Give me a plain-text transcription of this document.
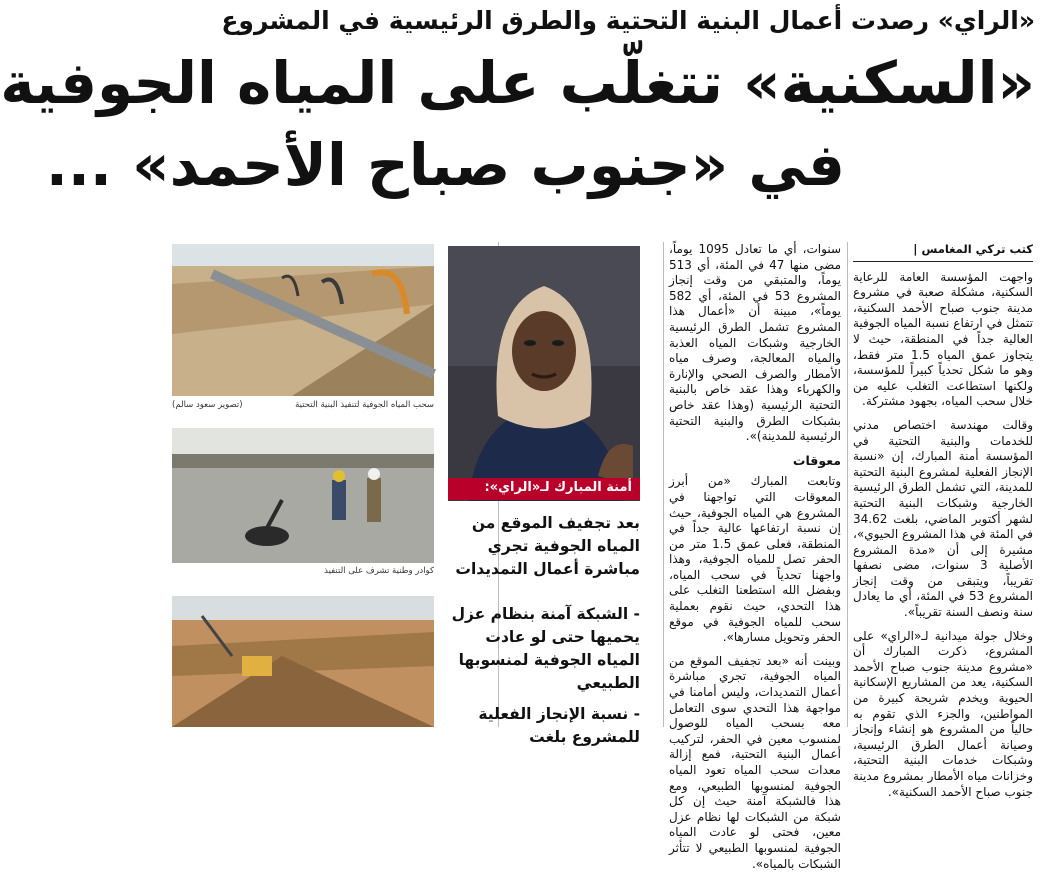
«الراي» رصدت أعمال البنية التحتية والطرق الرئيسية في المشروع
«السكنية» تتغلّب على المياه الجوفية
في «جنوب صباح الأحمد» ...
كتب تركي المغامس |

واجهت المؤسسة العامة للرعاية السكنية، مشكلة صعبة في مشروع مدينة جنوب صباح الأحمد السكنية، تتمثل في ارتفاع نسبة المياه الجوفية العالية جداً في المنطقة، حيث لا يتجاوز عمق المياه 1.5 متر فقط، وهو ما شكل تحدياً كبيراً للمؤسسة، ولكنها استطاعت التغلب عليه من خلال سحب المياه، بجهود مشتركة.

وقالت مهندسة اختصاص مدني للخدمات والبنية التحتية في المؤسسة أمنة المبارك، إن «نسبة الإنجاز الفعلية لمشروع البنية التحتية للمدينة، التي تشمل الطرق الرئيسية الخارجية وشبكات البنية التحتية لشهر أكتوبر الماضي، بلغت 34.62 في المئة في هذا المشروع الحيوي»، مشيرة إلى أن «مدة المشروع الأصلية 3 سنوات، مضى نصفها تقريباً، ويتبقى من وقت إنجاز المشروع 53 في المئة، أي ما يعادل سنة ونصف السنة تقريباً».

وخلال جولة ميدانية لـ«الراي» على المشروع، ذكرت المبارك أن «مشروع مدينة جنوب صباح الأحمد السكنية، يعد من المشاريع الإسكانية الحيوية ويخدم شريحة كبيرة من المواطنين، والجزء الذي تقوم به حالياً من المشروع هو إنشاء وإنجاز وصيانة أعمال الطرق الرئيسية، وشبكات خدمات البنية التحتية، وخزانات مياه الأمطار بمشروع مدينة جنوب صباح الأحمد السكنية».

سنوات، أي ما تعادل 1095 يوماً، مضى منها 47 في المئة، أي 513 يوماً، والمتبقي من وقت إنجاز المشروع 53 في المئة، أي 582 يوماً»، مبينة أن «أعمال هذا المشروع تشمل الطرق الرئيسية الخارجية وشبكات المياه العذبة والمياه المعالجة، وصرف مياه الأمطار والصرف الصحي والإنارة والكهرباء وهذا عقد خاص بالبنية التحتية الرئيسية (وهذا عقد خاص بشبكات الطرق والبنية التحتية الرئيسية للمدينة)».

معوقات

وتابعت المبارك «من أبرز المعوقات التي تواجهنا في المشروع هي المياه الجوفية، حيث إن نسبة ارتفاعها عالية جداً في المنطقة، فعلى عمق 1.5 متر من الحفر تصل للمياه الجوفية، وهذا واجهنا تحدياً في سحب المياه، وبفضل الله استطعنا التغلب على هذا التحدي، حيث نقوم بعملية سحب للمياه الجوفية في موقع الحفر وتحويل مسارها».

وبينت أنه «بعد تجفيف الموقع من المياه الجوفية، تجري مباشرة أعمال التمديدات، وليس أمامنا في مواجهة هذا التحدي سوى التعامل معه بسحب المياه للوصول لمنسوب معين في الحفر، لتركيب أعمال البنية التحتية، فمع إزالة معدات سحب المياه تعود المياه الجوفية لمنسوبها الطبيعي، ومع هذا فالشبكة آمنة حيث إن كل شبكة من الشبكات لها نظام عزل معين، فحتى لو عادت المياه الجوفية لمنسوبها الطبيعي لا تتأثر الشبكات بالمياه».

أمنة المبارك لـ«الراي»:
بعد تجفيف الموقع من المياه الجوفية تجري مباشرة أعمال التمديدات
- الشبكة آمنة بنظام عزل يحميها حتى لو عادت المياه الجوفية لمنسوبها الطبيعي
- نسبة الإنجاز الفعلية للمشروع بلغت
سحب المياه الجوفية لتنفيذ البنية التحتية
(تصوير سعود سالم)
كوادر وطنية تشرف على التنفيذ
